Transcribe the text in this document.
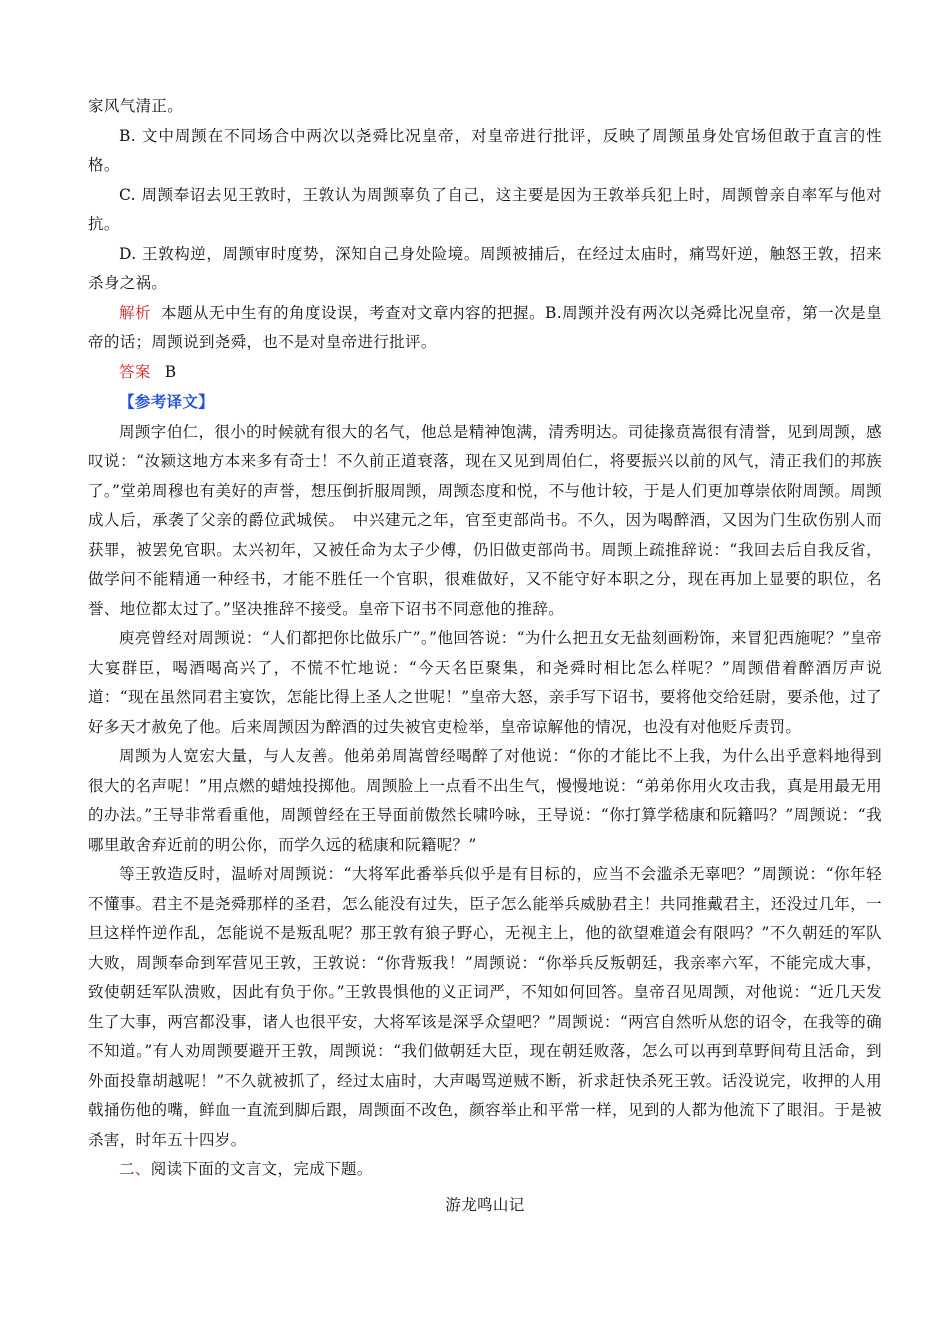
家风气清正。

B. 文中周𫖮在不同场合中两次以尧舜比况皇帝，对皇帝进行批评，反映了周𫖮虽身处官场但敢于直言的性格。

C. 周𫖮奉诏去见王敦时，王敦认为周𫖮辜负了自己，这主要是因为王敦举兵犯上时，周𫖮曾亲自率军与他对抗。

D. 王敦构逆，周𫖮审时度势，深知自己身处险境。周𫖮被捕后，在经过太庙时，痛骂奸逆，触怒王敦，招来杀身之祸。

解析 本题从无中生有的角度设误，考查对文章内容的把握。B.周𫖮并没有两次以尧舜比况皇帝，第一次是皇帝的话；周𫖮说到尧舜，也不是对皇帝进行批评。

答案 B

【参考译文】

周𫖮字伯仁，很小的时候就有很大的名气，他总是精神饱满，清秀明达。司徒掾贲嵩很有清誉，见到周𫖮，感叹说：“汝颍这地方本来多有奇士！不久前正道衰落，现在又见到周伯仁，将要振兴以前的风气，清正我们的邦族了。”堂弟周穆也有美好的声誉，想压倒折服周𫖮，周𫖮态度和悦，不与他计较，于是人们更加尊崇依附周𫖮。周𫖮成人后，承袭了父亲的爵位武城侯。　中兴建元之年，官至吏部尚书。不久，因为喝醉酒，又因为门生砍伤别人而获罪，被罢免官职。太兴初年，又被任命为太子少傅，仍旧做吏部尚书。周𫖮上疏推辞说：“我回去后自我反省，做学问不能精通一种经书，才能不胜任一个官职，很难做好，又不能守好本职之分，现在再加上显要的职位，名誉、地位都太过了。”坚决推辞不接受。皇帝下诏书不同意他的推辞。

庾亮曾经对周𫖮说：“人们都把你比做乐广”。”他回答说：“为什么把丑女无盐刻画粉饰，来冒犯西施呢？”皇帝大宴群臣，喝酒喝高兴了，不慌不忙地说：“今天名臣聚集，和尧舜时相比怎么样呢？”周𫖮借着醉酒厉声说道：“现在虽然同君主宴饮，怎能比得上圣人之世呢！”皇帝大怒，亲手写下诏书，要将他交给廷尉，要杀他，过了好多天才赦免了他。后来周𫖮因为醉酒的过失被官吏检举，皇帝谅解他的情况，也没有对他贬斥责罚。

周𫖮为人宽宏大量，与人友善。他弟弟周嵩曾经喝醉了对他说：“你的才能比不上我，为什么出乎意料地得到很大的名声呢！”用点燃的蜡烛投掷他。周𫖮脸上一点看不出生气，慢慢地说：“弟弟你用火攻击我，真是用最无用的办法。”王导非常看重他，周𫖮曾经在王导面前傲然长啸吟咏，王导说：“你打算学嵇康和阮籍吗？”周𫖮说：“我哪里敢舍弃近前的明公你，而学久远的嵇康和阮籍呢？”

等王敦造反时，温峤对周𫖮说：“大将军此番举兵似乎是有目标的，应当不会滥杀无辜吧？”周𫖮说：“你年轻不懂事。君主不是尧舜那样的圣君，怎么能没有过失，臣子怎么能举兵威胁君主！共同推戴君主，还没过几年，一旦这样忤逆作乱，怎能说不是叛乱呢？那王敦有狼子野心，无视主上，他的欲望难道会有限吗？”不久朝廷的军队大败，周𫖮奉命到军营见王敦，王敦说：“你背叛我！”周𫖮说：“你举兵反叛朝廷，我亲率六军，不能完成大事，致使朝廷军队溃败，因此有负于你。”王敦畏惧他的义正词严，不知如何回答。皇帝召见周𫖮，对他说：“近几天发生了大事，两宫都没事，诸人也很平安，大将军该是深孚众望吧？”周𫖮说：“两宫自然听从您的诏令，在我等的确不知道。”有人劝周𫖮要避开王敦，周𫖮说：“我们做朝廷大臣，现在朝廷败落，怎么可以再到草野间苟且活命，到外面投靠胡越呢！”不久就被抓了，经过太庙时，大声喝骂逆贼不断，祈求赶快杀死王敦。话没说完，收押的人用戟捅伤他的嘴，鲜血一直流到脚后跟，周𫖮面不改色，颜容举止和平常一样，见到的人都为他流下了眼泪。于是被杀害，时年五十四岁。

二、阅读下面的文言文，完成下题。

游龙鸣山记
